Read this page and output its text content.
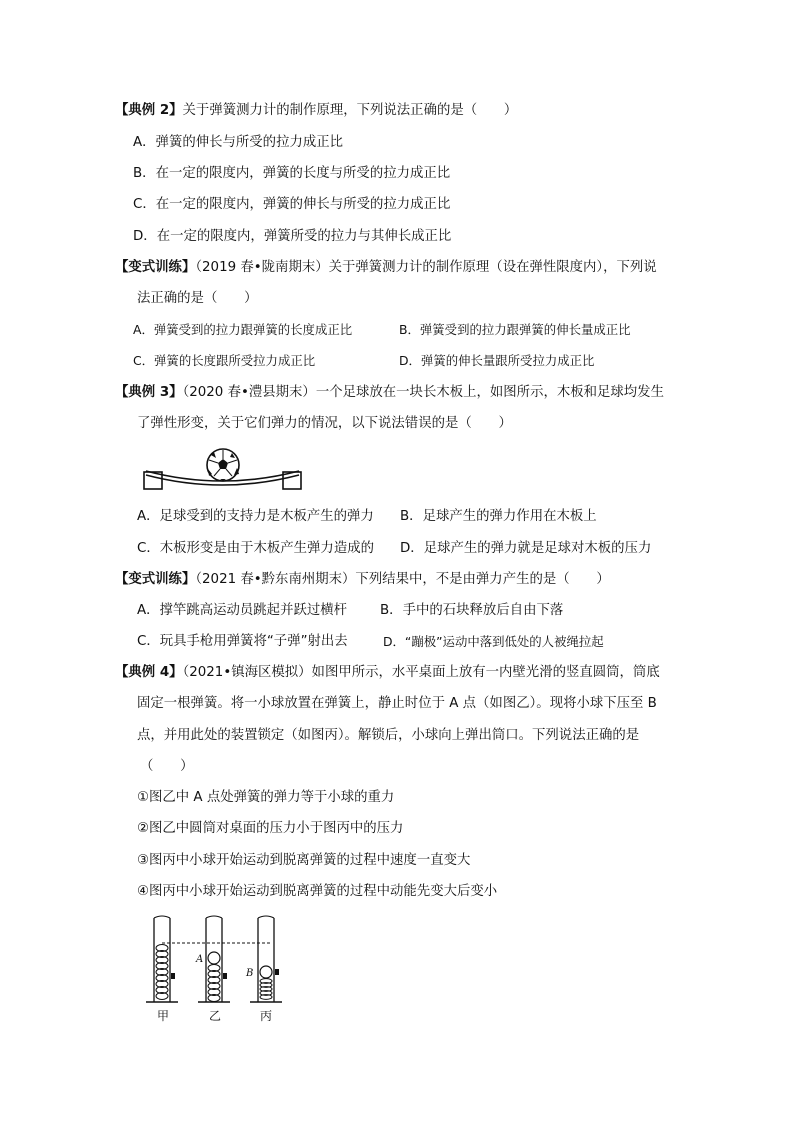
【典例 2】关于弹簧测力计的制作原理，下列说法正确的是（　　）
A．弹簧的伸长与所受的拉力成正比
B．在一定的限度内，弹簧的长度与所受的拉力成正比
C．在一定的限度内，弹簧的伸长与所受的拉力成正比
D．在一定的限度内，弹簧所受的拉力与其伸长成正比
【变式训练】（2019 春•陇南期末）关于弹簧测力计的制作原理（设在弹性限度内），下列说
法正确的是（　　）
A．弹簧受到的拉力跟弹簧的长度成正比	B．弹簧受到的拉力跟弹簧的伸长量成正比
C．弹簧的长度跟所受拉力成正比	D．弹簧的伸长量跟所受拉力成正比
【典例 3】（2020 春•澧县期末）一个足球放在一块长木板上，如图所示，木板和足球均发生
了弹性形变，关于它们弹力的情况，以下说法错误的是（　　）
A．足球受到的支持力是木板产生的弹力 B．足球产生的弹力作用在木板上
C．木板形变是由于木板产生弹力造成的 D．足球产生的弹力就是足球对木板的压力
【变式训练】（2021 春•黔东南州期末）下列结果中，不是由弹力产生的是（　　）
A．撑竿跳高运动员跳起并跃过横杆 B．手中的石块释放后自由下落
C．玩具手枪用弹簧将“子弹”射出去	D．“蹦极”运动中落到低处的人被绳拉起
【典例 4】（2021•镇海区模拟）如图甲所示，水平桌面上放有一内壁光滑的竖直圆筒，筒底
固定一根弹簧。将一小球放置在弹簧上，静止时位于 A 点（如图乙）。现将小球下压至 B
点，并用此处的装置锁定（如图丙）。解锁后，小球向上弹出筒口。下列说法正确的是
（　　）
①图乙中 A 点处弹簧的弹力等于小球的重力
②图乙中圆筒对桌面的压力小于图丙中的压力
③图丙中小球开始运动到脱离弹簧的过程中速度一直变大
④图丙中小球开始运动到脱离弹簧的过程中动能先变大后变小
A
B
甲	乙	丙
